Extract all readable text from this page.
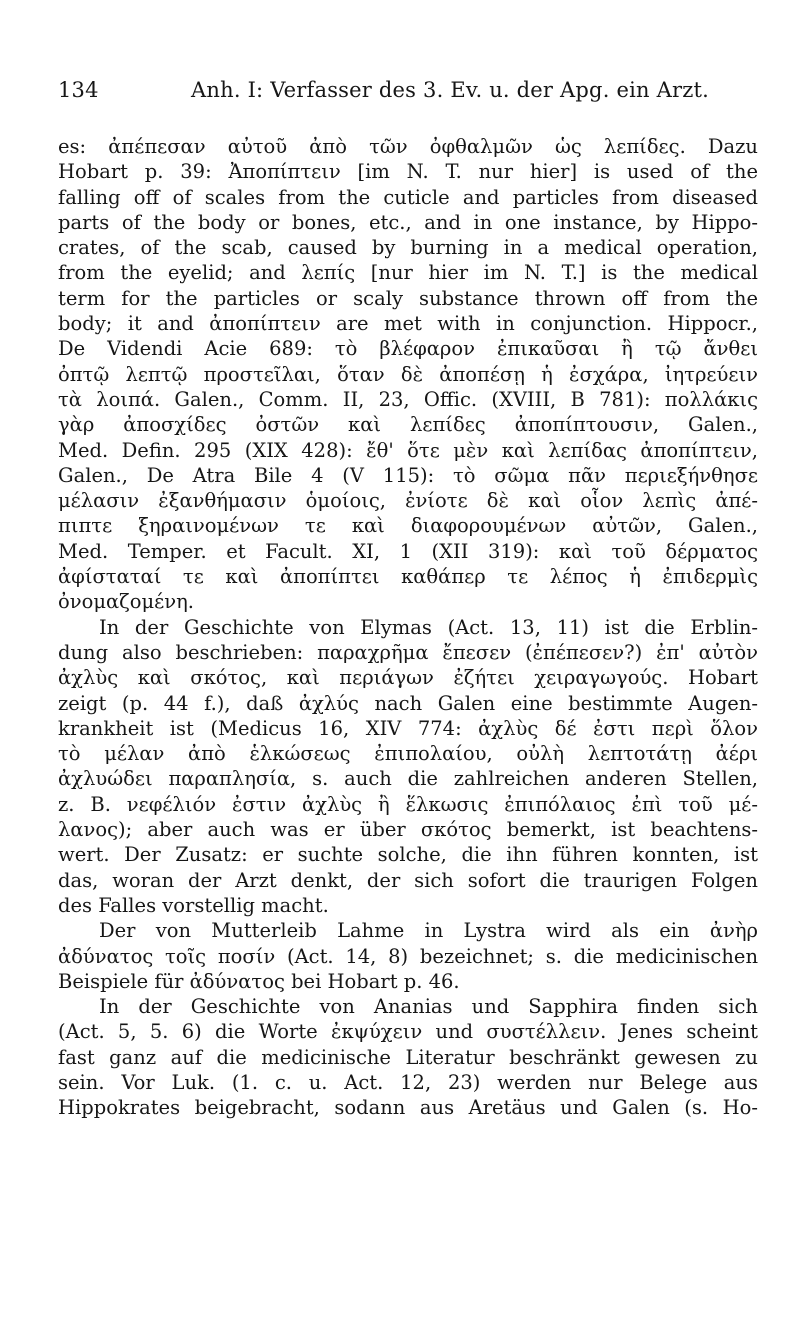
134	Anh. I: Verfasser des 3. Ev. u. der Apg. ein Arzt.
es: ἀπέπεσαν αὐτοῦ ἀπὸ τῶν ὀφθαλμῶν ὡς λεπίδες. Dazu
Hobart p. 39: Ἀποπίπτειν [im N. T. nur hier] is used of the
falling off of scales from the cuticle and particles from diseased
parts of the body or bones, etc., and in one instance, by Hippo-
crates, of the scab, caused by burning in a medical operation,
from the eyelid; and λεπίς [nur hier im N. T.] is the medical
term for the particles or scaly substance thrown off from the
body; it and ἀποπίπτειν are met with in conjunction. Hippocr.,
De Videndi Acie 689: τὸ βλέφαρον ἐπικαῦσαι ἢ τῷ ἄνθει
ὀπτῷ λεπτῷ προστεῖλαι, ὅταν δὲ ἀποπέσῃ ἡ ἐσχάρα, ἰητρεύειν
τὰ λοιπά. Galen., Comm. II, 23, Offic. (XVIII, B 781): πολλάκις
γὰρ ἀποσχίδες ὀστῶν καὶ λεπίδες ἀποπίπτουσιν, Galen.,
Med. Defin. 295 (XIX 428): ἔθ' ὅτε μὲν καὶ λεπίδας ἀποπίπτειν,
Galen., De Atra Bile 4 (V 115): τὸ σῶμα πᾶν περιεξήνθησε
μέλασιν ἐξανθήμασιν ὁμοίοις, ἐνίοτε δὲ καὶ οἷον λεπὶς ἀπέ-
πιπτε ξηραινομένων τε καὶ διαφορουμένων αὐτῶν, Galen.,
Med. Temper. et Facult. XI, 1 (XII 319): καὶ τοῦ δέρματος
ἀφίσταταί τε καὶ ἀποπίπτει καθάπερ τε λέπος ἡ ἐπιδερμὶς
ὀνομαζομένη.
In der Geschichte von Elymas (Act. 13, 11) ist die Erblin-
dung also beschrieben: παραχρῆμα ἔπεσεν (ἐπέπεσεν?) ἐπ' αὐτὸν
ἀχλὺς καὶ σκότος, καὶ περιάγων ἐζήτει χειραγωγούς. Hobart
zeigt (p. 44 f.), daß ἀχλύς nach Galen eine bestimmte Augen-
krankheit ist (Medicus 16, XIV 774: ἀχλὺς δέ ἐστι περὶ ὅλον
τὸ μέλαν ἀπὸ ἑλκώσεως ἐπιπολαίου, οὐλὴ λεπτοτάτῃ ἀέρι
ἀχλυώδει παραπλησία, s. auch die zahlreichen anderen Stellen,
z. B. νεφέλιόν ἐστιν ἀχλὺς ἢ ἕλκωσις ἐπιπόλαιος ἐπὶ τοῦ μέ-
λανος); aber auch was er über σκότος bemerkt, ist beachtens-
wert. Der Zusatz: er suchte solche, die ihn führen konnten, ist
das, woran der Arzt denkt, der sich sofort die traurigen Folgen
des Falles vorstellig macht.
Der von Mutterleib Lahme in Lystra wird als ein ἀνὴρ
ἀδύνατος τοῖς ποσίν (Act. 14, 8) bezeichnet; s. die medicinischen
Beispiele für ἀδύνατος bei Hobart p. 46.
In der Geschichte von Ananias und Sapphira finden sich
(Act. 5, 5. 6) die Worte ἐκψύχειν und συστέλλειν. Jenes scheint
fast ganz auf die medicinische Literatur beschränkt gewesen zu
sein. Vor Luk. (1. c. u. Act. 12, 23) werden nur Belege aus
Hippokrates beigebracht, sodann aus Aretäus und Galen (s. Ho-
